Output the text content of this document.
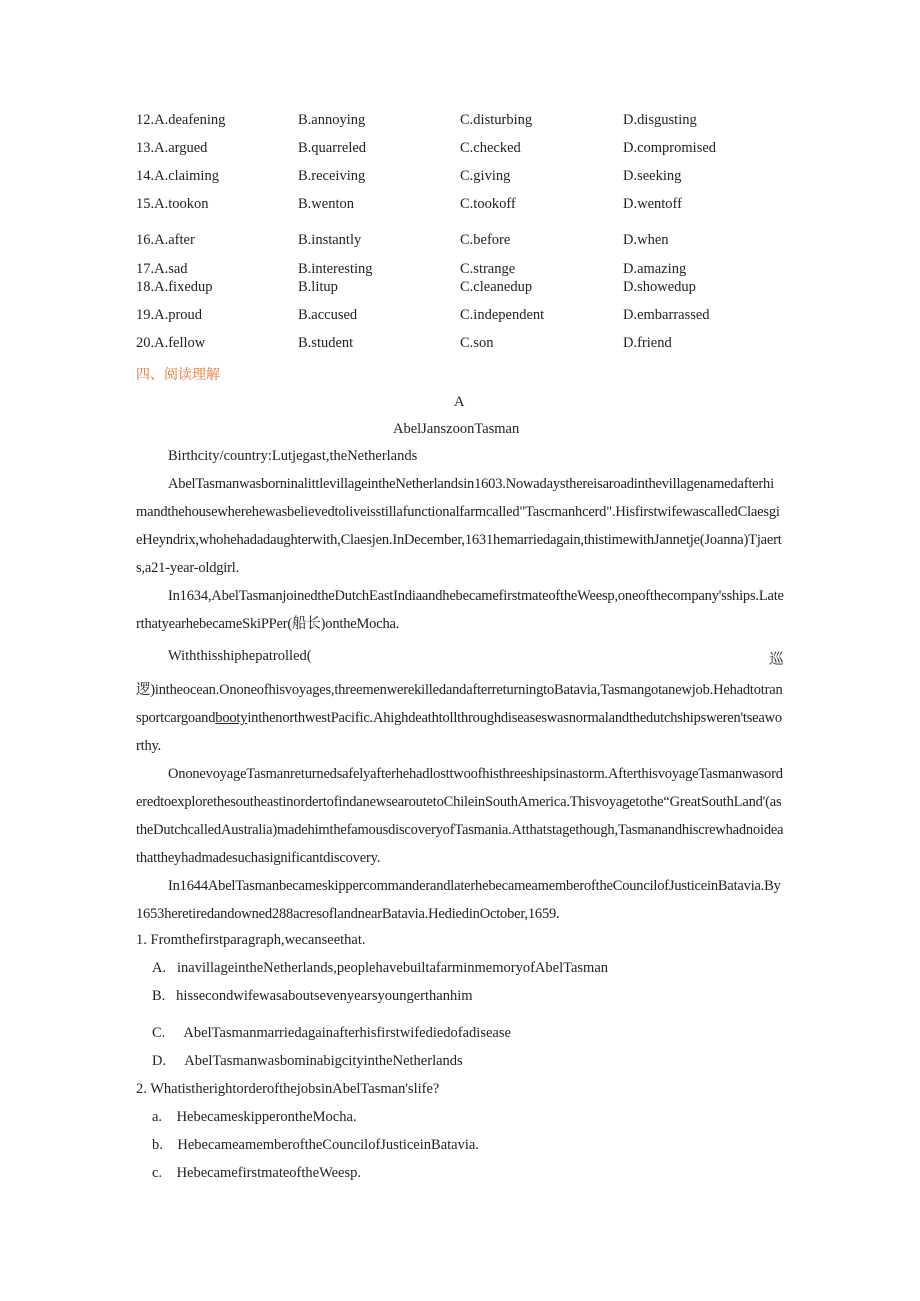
12.A.deafening	B.annoying	C.disturbing	D.disgusting
13.A.argued	B.quarreled	C.checked	D.compromised
14.A.claiming	B.receiving	C.giving	D.seeking
15.A.tookon	B.wenton	C.tookoff	D.wentoff
16.A.after	B.instantly	C.before	D.when
17.A.sad	B.interesting	C.strange	D.amazing
18.A.fixedup	B.litup	C.cleanedup	D.showedup
19.A.proud	B.accused	C.independent	D.embarrassed
20.A.fellow	B.student	C.son	D.friend
四、阅读理解
A
AbelJanszoonTasman
Birthcity/country:Lutjegast,theNetherlands

AbelTasmanwasborninalittlevillageintheNetherlandsin1603.Nowadaysthereisaroadinthevillagenamedafterhimandthehousewherehewasbelievedtoliveisstillafunctionalfarmcalled"Tascmanhcerd".HisfirstwifewascalledClaesgieHeyndrix,whohehadadaughterwith,Claesjen.InDecember,1631hemarriedagain,thistimewithJannetje(Joanna)Tjaerts,a21-year-oldgirl.

In1634,AbelTasmanjoinedtheDutchEastIndiaandhebecamefirstmateoftheWeesp,oneofthecompany'sships.LaterthatyearhebecameSkiPPer(船长)ontheMocha.

Withthisshiphepatrolled(	巡

逻)intheocean.Ononeofhisvoyages,threemenwerekilledandafterreturningtoBatavia,Tasmangotanewjob.HehadtotransportcargoandbootyinthenorthwestPacific.Ahighdeathtollthroughdiseaseswasnormalandthedutchshipsweren'tseaworthy.

OnonevoyageTasmanreturnedsafelyafterhehadlosttwoofhisthreeshipsinastorm.AfterthisvoyageTasmanwasorderedtoexplorethesoutheastinordertofindanewsearoutetoChileinSouthAmerica.Thisvoyagetothe“GreatSouthLand'(astheDutchcalledAustralia)madehimthefamousdiscoveryofTasmania.Atthatstagethough,Tasmanandhiscrewhadnoideathattheyhadmadesuchasignificantdiscovery.

In1644AbelTasmanbecameskippercommanderandlaterhebecameamemberoftheCouncilofJusticeinBatavia.By1653heretiredandowned288acresoflandnearBatavia.HediedinOctober,1659.

1. Fromthefirstparagraph,wecanseethat.
A. inavillageintheNetherlands,peoplehavebuiltafarminmemoryofAbelTasman
B. hissecondwifewasaboutsevenyearsyoungerthanhim
C. AbelTasmanmarriedagainafterhisfirstwifediedofadisease
D. AbelTasmanwasbominabigcityintheNetherlands
2. WhatistherightorderofthejobsinAbelTasman'slife?
a. HebecameskipperontheMocha.
b. HebecameamemberoftheCouncilofJusticeinBatavia.
c. HebecamefirstmateoftheWeesp.
